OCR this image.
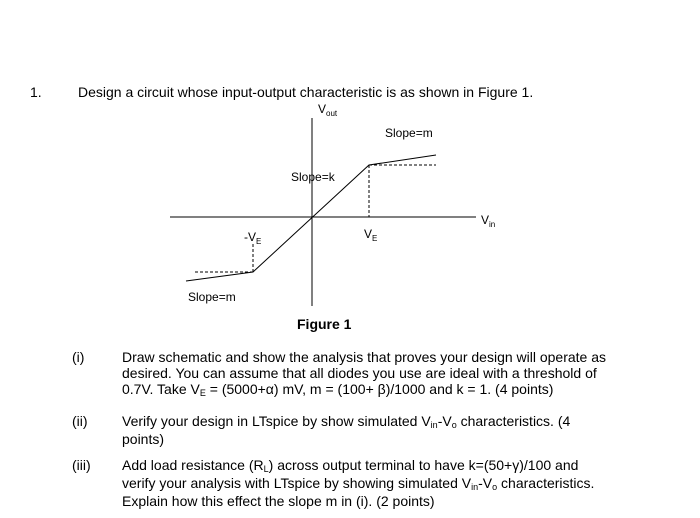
1.	Design a circuit whose input-output characteristic is as shown in Figure 1.
$V_{out}$
$V_{in}$
Slope=m
Slope=k
Slope=m
$V_E$
$-V_E$
Figure 1
(i)	Draw schematic and show the analysis that proves your design will operate as
desired. You can assume that all diodes you use are ideal with a threshold of
0.7V. Take $V_E = (5000+\alpha)$ mV, m = (100+ β)/1000 and k = 1. (4 points)
(ii) Verify your design in LTspice by show simulated $V_{in}-V_o$ characteristics. (4
points)
(iii) Add load resistance $(R_L)$ across output terminal to have k=(50+γ)/100 and
verify your analysis with LTspice by showing simulated $V_{in}-V_o$ characteristics.
Explain how this effect the slope m in (i). (2 points)
